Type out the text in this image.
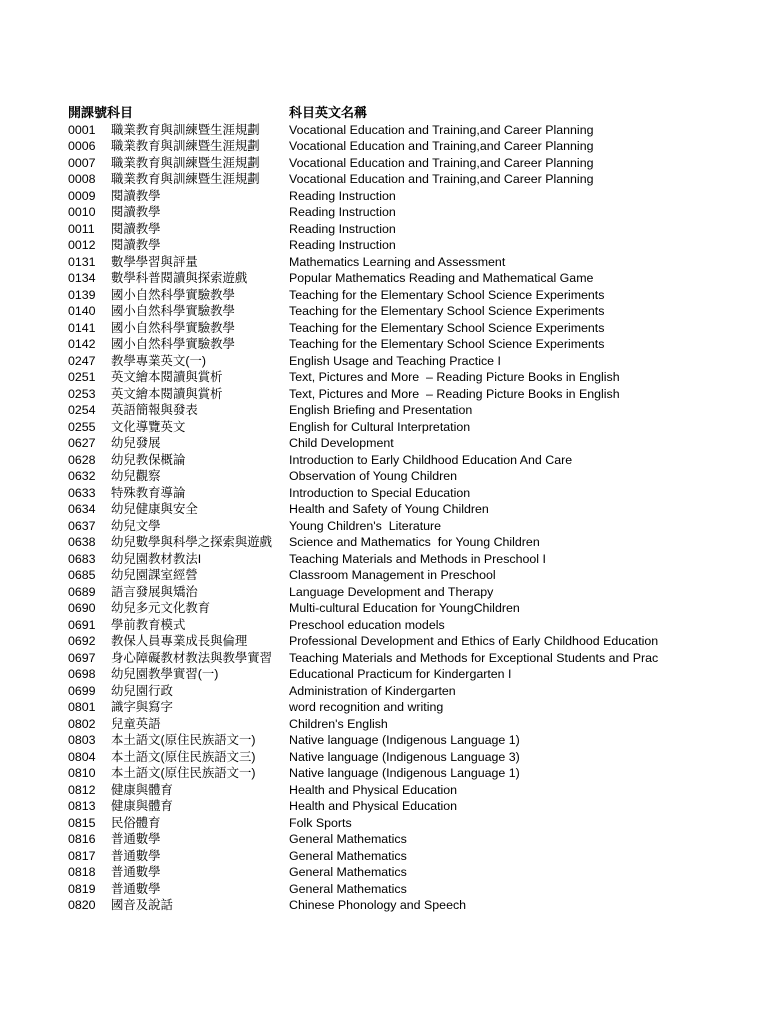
開課號科目	科目英文名稱
0001 職業教育與訓練暨生涯規劃 Vocational Education and Training,and Career Planning
0006 職業教育與訓練暨生涯規劃 Vocational Education and Training,and Career Planning
0007 職業教育與訓練暨生涯規劃 Vocational Education and Training,and Career Planning
0008 職業教育與訓練暨生涯規劃 Vocational Education and Training,and Career Planning
0009 閱讀教學	Reading Instruction
0010 閱讀教學	Reading Instruction
0011 閱讀教學	Reading Instruction
0012 閱讀教學	Reading Instruction
0131 數學學習與評量	Mathematics Learning and Assessment
0134 數學科普閱讀與探索遊戲	Popular Mathematics Reading and Mathematical Game
0139 國小自然科學實驗教學	Teaching for the Elementary School Science Experiments
0140 國小自然科學實驗教學	Teaching for the Elementary School Science Experiments
0141 國小自然科學實驗教學	Teaching for the Elementary School Science Experiments
0142 國小自然科學實驗教學	Teaching for the Elementary School Science Experiments
0247 教學專業英文(一)	English Usage and Teaching Practice I
0251 英文繪本閱讀與賞析	Text, Pictures and More  – Reading Picture Books in English
0253 英文繪本閱讀與賞析	Text, Pictures and More  – Reading Picture Books in English
0254 英語簡報與發表	English Briefing and Presentation
0255 文化導覽英文	English for Cultural Interpretation
0627 幼兒發展	Child Development
0628 幼兒教保概論	Introduction to Early Childhood Education And Care
0632 幼兒觀察	Observation of Young Children
0633 特殊教育導論	Introduction to Special Education
0634 幼兒健康與安全	Health and Safety of Young Children
0637 幼兒文學	Young Children's  Literature
0638 幼兒數學與科學之探索與遊戲 Science and Mathematics  for Young Children
0683 幼兒園教材教法I	Teaching Materials and Methods in Preschool I
0685 幼兒園課室經營	Classroom Management in Preschool
0689 語言發展與矯治	Language Development and Therapy
0690 幼兒多元文化教育	Multi-cultural Education for YoungChildren
0691 學前教育模式	Preschool education models
0692 教保人員專業成長與倫理	Professional Development and Ethics of Early Childhood Education
0697 身心障礙教材教法與教學實習 Teaching Materials and Methods for Exceptional Students and Prac
0698 幼兒園教學實習(一)	Educational Practicum for Kindergarten I
0699 幼兒園行政	Administration of Kindergarten
0801 識字與寫字	word recognition and writing
0802 兒童英語	Children's English
0803 本土語文(原住民族語文一)	Native language (Indigenous Language 1)
0804 本土語文(原住民族語文三)	Native language (Indigenous Language 3)
0810 本土語文(原住民族語文一)	Native language (Indigenous Language 1)
0812 健康與體育	Health and Physical Education
0813 健康與體育	Health and Physical Education
0815 民俗體育	Folk Sports
0816 普通數學	General Mathematics
0817 普通數學	General Mathematics
0818 普通數學	General Mathematics
0819 普通數學	General Mathematics
0820 國音及說話	Chinese Phonology and Speech
